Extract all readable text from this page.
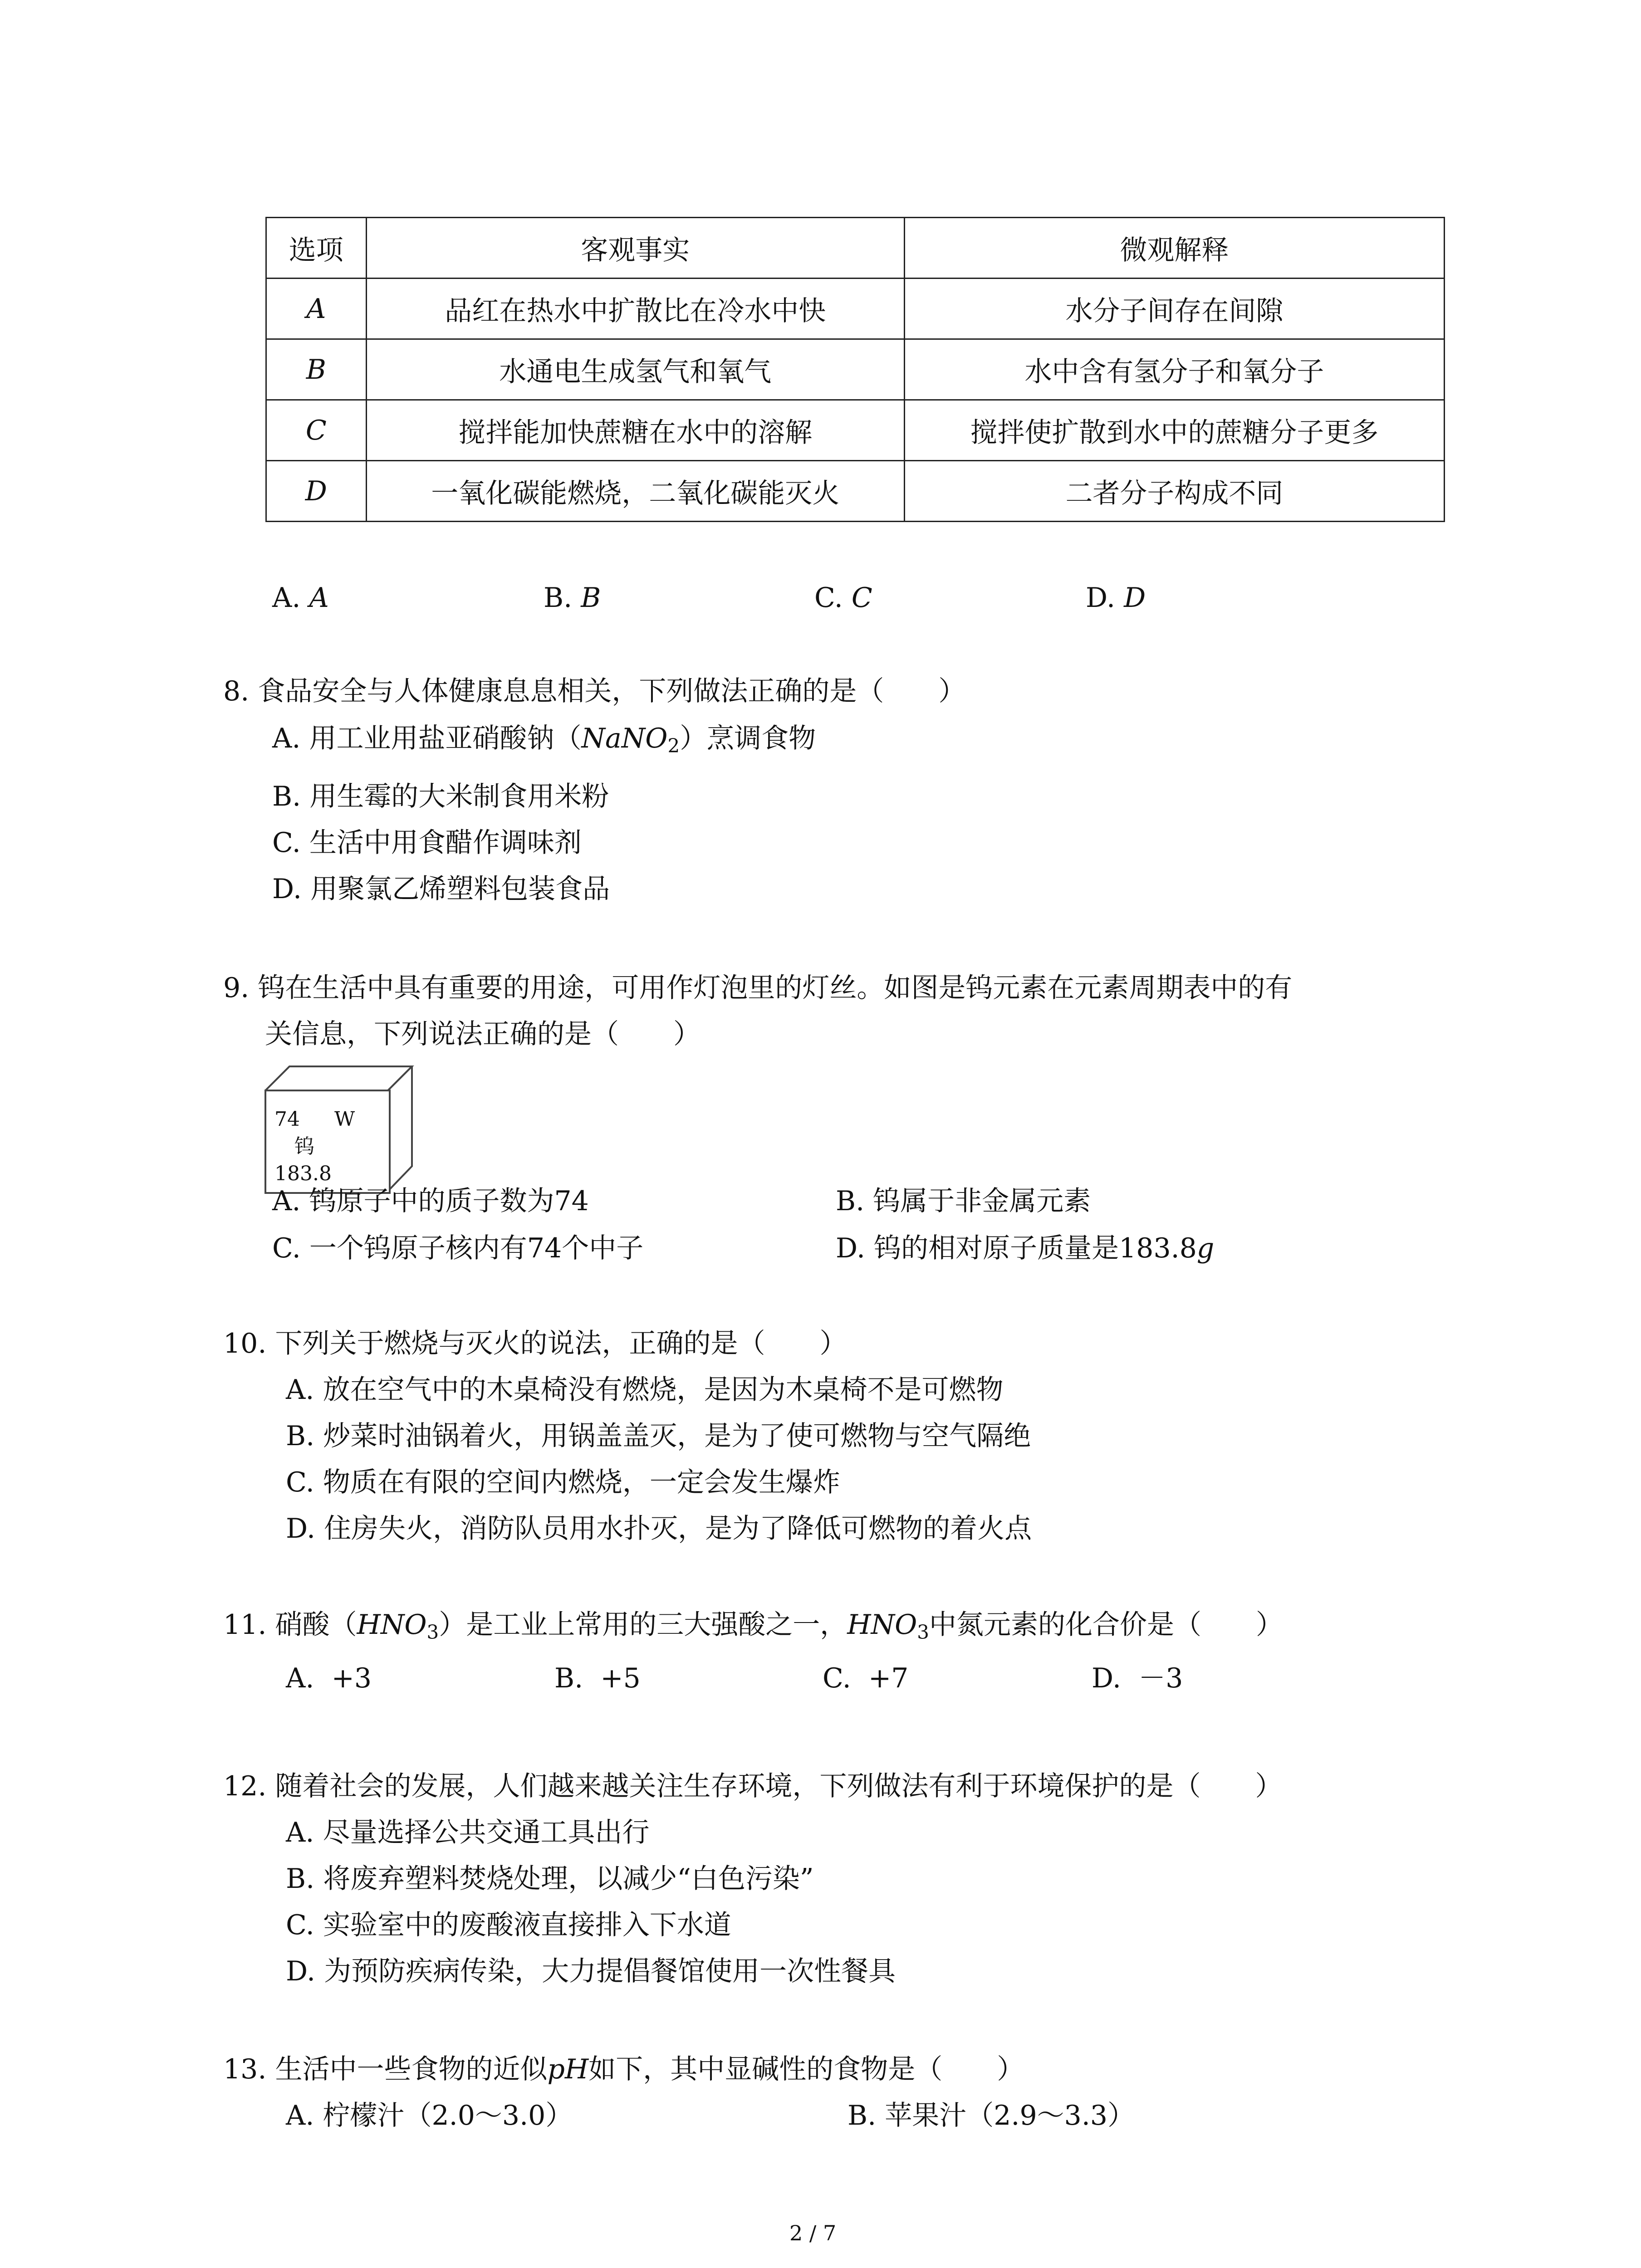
选项	客观事实	微观解释
A	品红在热水中扩散比在冷水中快	水分子间存在间隙
B	水通电生成氢气和氧气	水中含有氢分子和氧分子
C	搅拌能加快蔗糖在水中的溶解	搅拌使扩散到水中的蔗糖分子更多
D	一氧化碳能燃烧，二氧化碳能灭火	二者分子构成不同
A. A	B. B	C. C	D. D
8. 食品安全与人体健康息息相关，下列做法正确的是（　　）
A. 用工业用盐亚硝酸钠（NaNO$_2$）烹调食物
B. 用生霉的大米制食用米粉
C. 生活中用食醋作调味剂
D. 用聚氯乙烯塑料包装食品
9. 钨在生活中具有重要的用途，可用作灯泡里的灯丝。如图是钨元素在元素周期表中的有
关信息，下列说法正确的是（　　）
74 W
钨
183.8
A. 钨原子中的质子数为74	B. 钨属于非金属元素
C. 一个钨原子核内有74个中子	D. 钨的相对原子质量是183.8g
10. 下列关于燃烧与灭火的说法，正确的是（　　）
A. 放在空气中的木桌椅没有燃烧，是因为木桌椅不是可燃物
B. 炒菜时油锅着火，用锅盖盖灭，是为了使可燃物与空气隔绝
C. 物质在有限的空间内燃烧，一定会发生爆炸
D. 住房失火，消防队员用水扑灭，是为了降低可燃物的着火点
11. 硝酸$(HNO_3)$是工业上常用的三大强酸之一，$HNO_3$中氮元素的化合价是（　　）
A. +3	B. +5	C. +7	D. －3
12. 随着社会的发展，人们越来越关注生存环境，下列做法有利于环境保护的是（　　）
A. 尽量选择公共交通工具出行
B. 将废弃塑料焚烧处理，以减少“白色污染”
C. 实验室中的废酸液直接排入下水道
D. 为预防疾病传染，大力提倡餐馆使用一次性餐具
13. 生活中一些食物的近似pH如下，其中显碱性的食物是（　　）
A. 柠檬汁（2.0～3.0）	B. 苹果汁（2.9～3.3）
2 / 7
